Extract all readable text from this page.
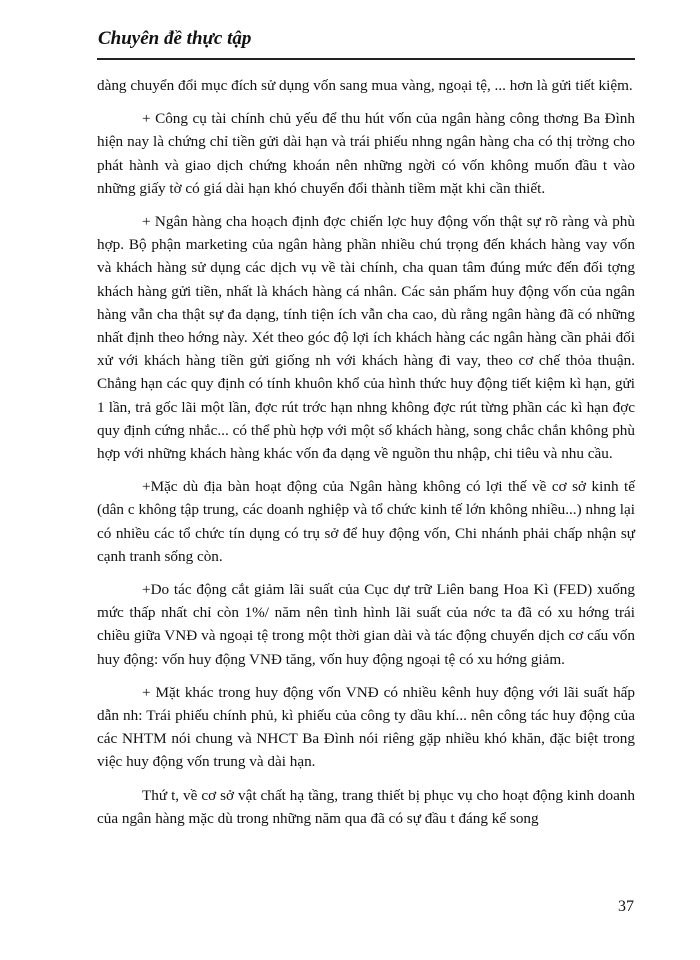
Chuyên đề thực tập

dàng chuyển đổi mục đích sử dụng vốn sang mua vàng, ngoại tệ, ... hơn là gửi tiết kiệm.

+ Công cụ tài chính chủ yếu để thu hút vốn của ngân hàng công thơng Ba Đình hiện nay là chứng chỉ tiền gửi dài hạn và trái phiếu nhng ngân hàng cha có thị trờng cho phát hành và giao dịch chứng khoán nên những ngời có vốn không muốn đầu t vào những giấy tờ có giá dài hạn khó chuyển đổi thành tiềm mặt khi cần thiết.

+ Ngân hàng cha hoạch định đợc chiến lợc huy động vốn thật sự rõ ràng và phù hợp. Bộ phận marketing của ngân hàng phần nhiều chú trọng đến khách hàng vay vốn và khách hàng sử dụng các dịch vụ về tài chính, cha quan tâm đúng mức đến đối tợng khách hàng gửi tiền, nhất là khách hàng cá nhân. Các sản phẩm huy động vốn của ngân hàng vẫn cha thật sự đa dạng, tính tiện ích vẫn cha cao, dù rằng ngân hàng đã có những nhất định theo hớng này. Xét theo góc độ lợi ích khách hàng các ngân hàng cần phải đối xử với khách hàng tiền gửi giống nh với khách hàng đi vay, theo cơ chế thỏa thuận. Chẳng hạn các quy định có tính khuôn khổ của hình thức huy động tiết kiệm kì hạn, gửi 1 lần, trả gốc lãi một lần, đợc rút trớc hạn nhng không đợc rút từng phần các kì hạn đợc quy định cứng nhắc... có thể phù hợp với một số khách hàng, song chắc chắn không phù hợp với những khách hàng khác vốn đa dạng về nguồn thu nhập, chi tiêu và nhu cầu.

+Mặc dù địa bàn hoạt động của Ngân hàng không có lợi thế về cơ sở kinh tế (dân c không tập trung, các doanh nghiệp và tổ chức kinh tế lớn không nhiều...) nhng lại có nhiều các tổ chức tín dụng có trụ sở để huy động vốn, Chi nhánh phải chấp nhận sự cạnh tranh sống còn.

+Do tác động cắt giảm lãi suất của Cục dự trữ Liên bang Hoa Kì (FED) xuống mức thấp nhất chỉ còn 1%/ năm nên tình hình lãi suất của nớc ta đã có xu hớng trái chiều giữa VNĐ và ngoại tệ trong một thời gian dài và tác động chuyển dịch cơ cấu vốn huy động: vốn huy động VNĐ tăng, vốn huy động ngoại tệ có xu hớng giảm.

+ Mặt khác trong huy động vốn VNĐ có nhiều kênh huy động với lãi suất hấp dẫn nh: Trái phiếu chính phủ, kì phiếu của công ty dầu khí... nên công tác huy động của các NHTM nói chung và NHCT Ba Đình nói riêng gặp nhiều khó khăn, đặc biệt trong việc huy động vốn trung và dài hạn.

Thứ t, về cơ sở vật chất hạ tầng, trang thiết bị phục vụ cho hoạt động kinh doanh của ngân hàng mặc dù trong những năm qua đã có sự đầu t đáng kể song

37
